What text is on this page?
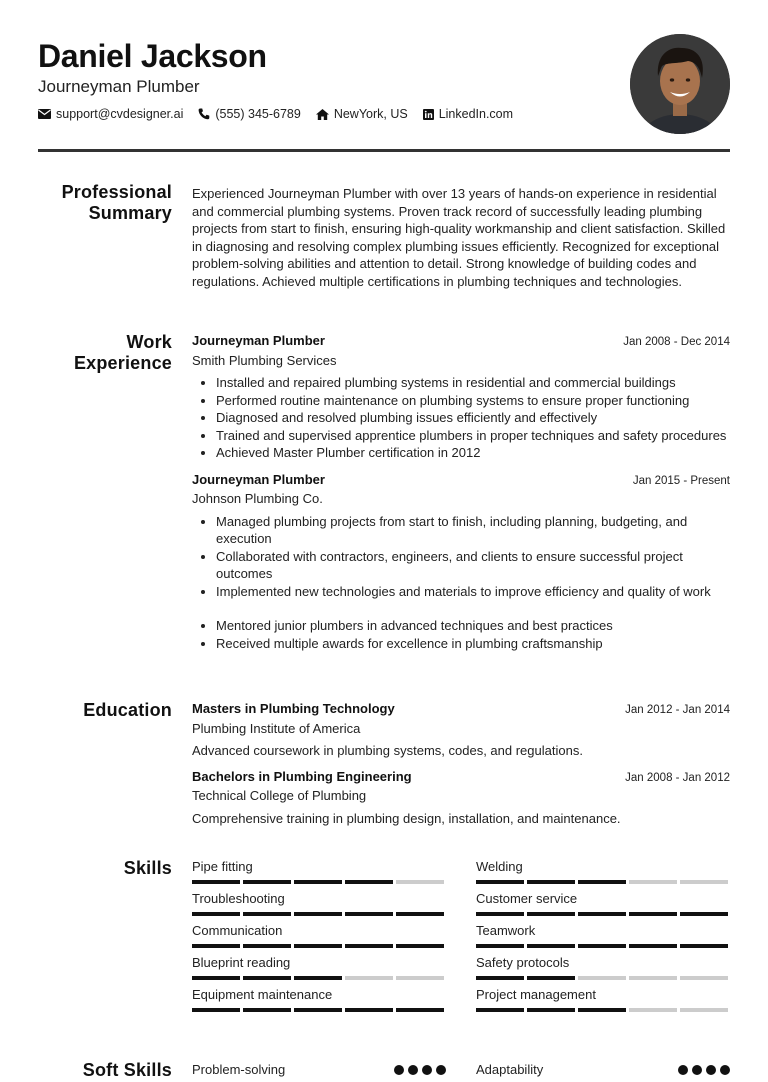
Daniel Jackson
Journeyman Plumber
support@cvdesigner.ai	(555) 345-6789	NewYork, US LinkedIn.com
Professional
Summary
Experienced Journeyman Plumber with over 13 years of hands-on experience in residential and commercial plumbing systems. Proven track record of successfully leading plumbing projects from start to finish, ensuring high-quality workmanship and client satisfaction. Skilled in diagnosing and resolving complex plumbing issues efficiently. Recognized for exceptional problem-solving abilities and attention to detail. Strong knowledge of building codes and regulations. Achieved multiple certifications in plumbing techniques and technologies.
Work
Experience
Journeyman Plumber	Jan 2008 - Dec 2014
Smith Plumbing Services
• Installed and repaired plumbing systems in residential and commercial buildings
• Performed routine maintenance on plumbing systems to ensure proper functioning
• Diagnosed and resolved plumbing issues efficiently and effectively
• Trained and supervised apprentice plumbers in proper techniques and safety procedures
• Achieved Master Plumber certification in 2012
Journeyman Plumber	Jan 2015 - Present
Johnson Plumbing Co.
• Managed plumbing projects from start to finish, including planning, budgeting, and execution
• Collaborated with contractors, engineers, and clients to ensure successful project outcomes
• Implemented new technologies and materials to improve efficiency and quality of work
• Mentored junior plumbers in advanced techniques and best practices
• Received multiple awards for excellence in plumbing craftsmanship
Education Masters in Plumbing Technology	Jan 2012 - Jan 2014
Plumbing Institute of America
Advanced coursework in plumbing systems, codes, and regulations.
Bachelors in Plumbing Engineering	Jan 2008 - Jan 2012
Technical College of Plumbing
Comprehensive training in plumbing design, installation, and maintenance.
Skills Pipe fitting	Welding
Troubleshooting	Customer service
Communication	Teamwork
Blueprint reading	Safety protocols
Equipment maintenance	Project management
Soft Skills Problem-solving	Adaptability
